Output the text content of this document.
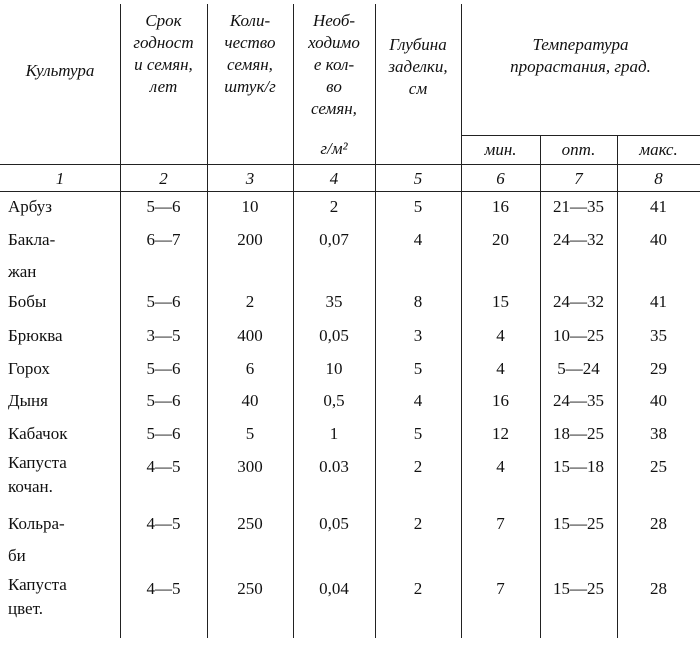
Культура
Срок
годност
и семян,
лет
Коли-
чество
семян,
штук/г
Необ-
ходимо
е кол-
во
семян,
г/м²
Глубина
заделки,
см
Температура
прорастания, град.
мин.	опт.	макс.
1	2	3	4	5	6	7	8
Арбуз	5—6	10	2	5	16	21—35	41
Бакла-
жан
6—7	200	0,07	4	20	24—32	40
Бобы	5—6	2	35	8	15	24—32	41
Брюква	3—5	400	0,05	3	4	10—25	35
Горох	5—6	6	10	5	4	5—24	29
Дыня	5—6	40	0,5	4	16	24—35	40
Кабачок	5—6	5	1	5	12	18—25	38
Капуста
кочан.
4—5	300	0.03	2	4	15—18	25
Кольра-
би
4—5	250	0,05	2	7	15—25	28
Капуста
цвет.
4—5	250	0,04	2	7	15—25	28
